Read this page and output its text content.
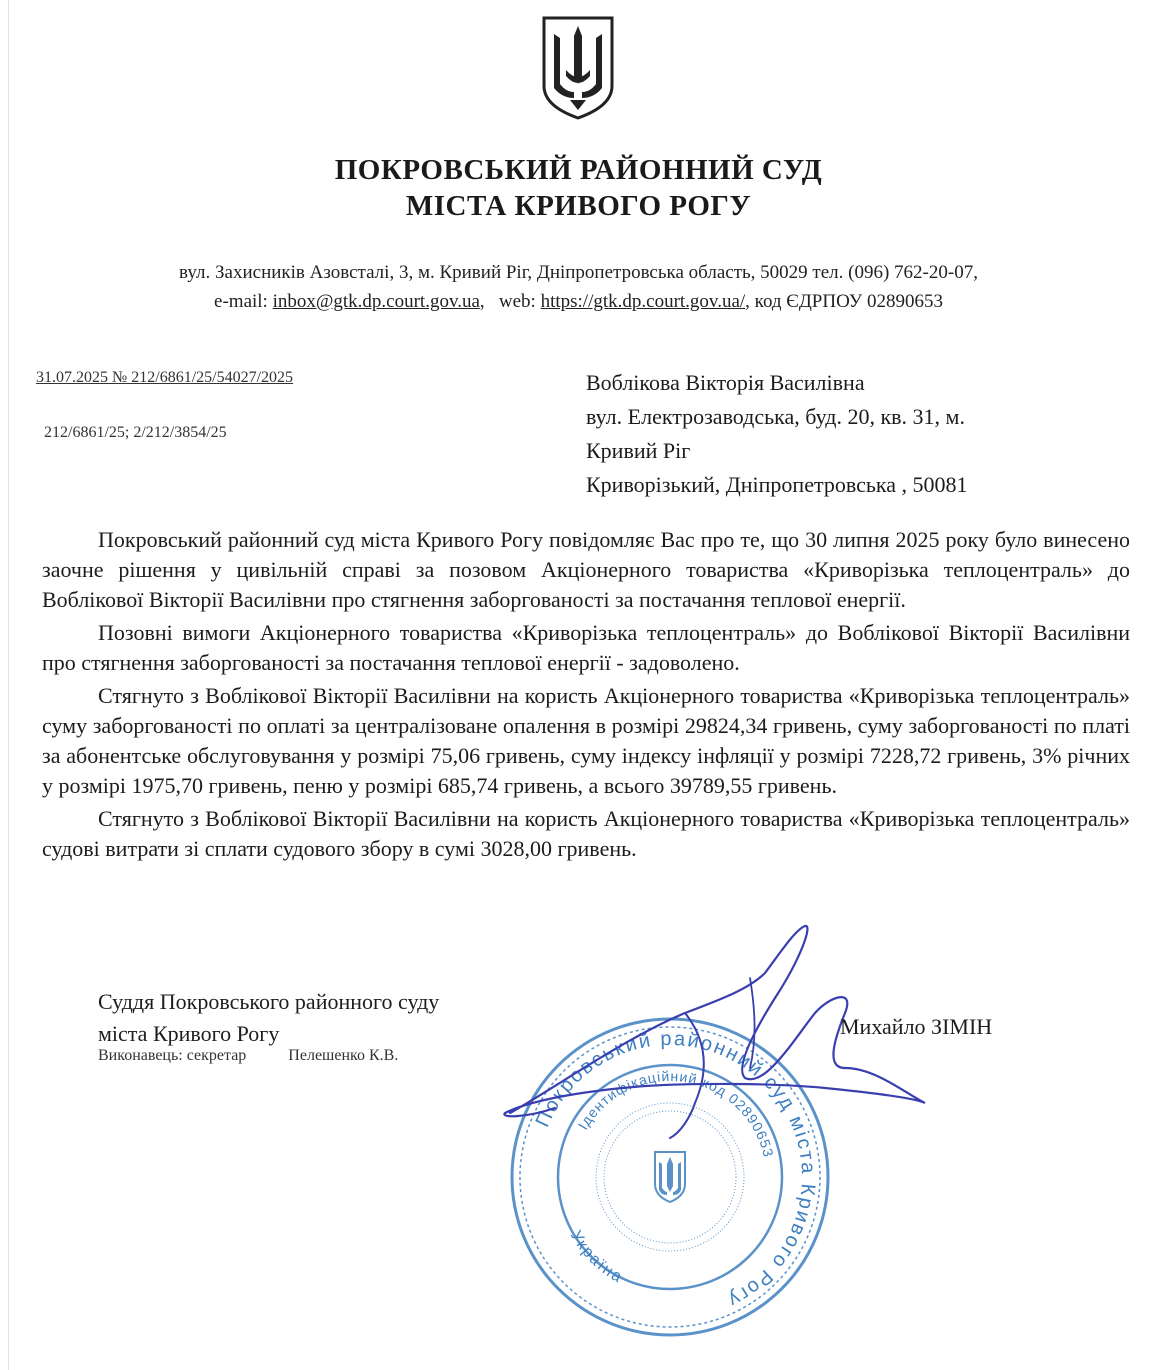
ПОКРОВСЬКИЙ РАЙОННИЙ СУД
МІСТА КРИВОГО РОГУ
вул. Захисників Азовсталі, 3, м. Кривий Ріг, Дніпропетровська область, 50029 тел. (096) 762-20-07,
e-mail: inbox@gtk.dp.court.gov.ua,   web: https://gtk.dp.court.gov.ua/, код ЄДРПОУ 02890653
31.07.2025 № 212/6861/25/54027/2025
212/6861/25; 2/212/3854/25
Воблікова Вікторія Василівна
вул. Електрозаводська, буд. 20, кв. 31, м.
Кривий Ріг
Криворізький, Дніпропетровська , 50081

Покровський районний суд міста Кривого Рогу повідомляє Вас про те, що 30 липня 2025 року було винесено заочне рішення у цивільній справі за позовом Акціонерного товариства «Криворізька теплоцентраль» до Воблікової Вікторії Василівни про стягнення заборгованості за постачання теплової енергії.

Позовні вимоги Акціонерного товариства «Криворізька теплоцентраль» до Воблікової Вікторії Василівни про стягнення заборгованості за постачання теплової енергії - задоволено.

Стягнуто з Воблікової Вікторії Василівни на користь Акціонерного товариства «Криворізька теплоцентраль» суму заборгованості по оплаті за централізоване опалення в розмірі 29824,34 гривень, суму заборгованості по платі за абонентське обслуговування у розмірі 75,06 гривень, суму індексу інфляції у розмірі 7228,72 гривень, 3% річних у розмірі 1975,70 гривень, пеню у розмірі 685,74 гривень, а всього 39789,55 гривень.

Стягнуто з Воблікової Вікторії Василівни на користь Акціонерного товариства «Криворізька теплоцентраль» судові витрати зі сплати судового збору в сумі 3028,00 гривень.

Покровський районний суд міста Кривого Рогу
Ідентифікаційний код 02890653
Україна
Суддя Покровського районного суду
міста Кривого Рогу	Михайло ЗІМІН
Виконавець: секретар	Пелешенко К.В.
